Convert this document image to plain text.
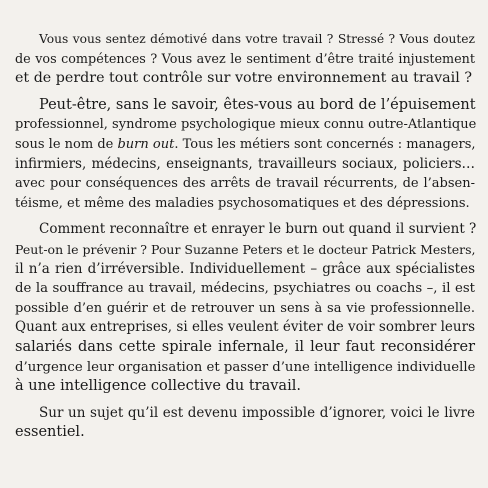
Vous vous sentez démotivé dans votre travail ? Stressé ? Vous doutez
de vos compétences ? Vous avez le sentiment d’être traité injustement
et de perdre tout contrôle sur votre environnement au travail ?
Peut-être, sans le savoir, êtes-vous au bord de l’épuisement
professionnel, syndrome psychologique mieux connu outre-Atlantique
sous le nom de burn out. Tous les métiers sont concernés : managers,
infirmiers, médecins, enseignants, travailleurs sociaux, policiers…
avec pour conséquences des arrêts de travail récurrents, de l’absen-
téisme, et même des maladies psychosomatiques et des dépressions.
Comment reconnaître et enrayer le burn out quand il survient ?
Peut-on le prévenir ? Pour Suzanne Peters et le docteur Patrick Mesters,
il n’a rien d’irréversible. Individuellement – grâce aux spécialistes
de la souffrance au travail, médecins, psychiatres ou coachs –, il est
possible d’en guérir et de retrouver un sens à sa vie professionnelle.
Quant aux entreprises, si elles veulent éviter de voir sombrer leurs
salariés dans cette spirale infernale, il leur faut reconsidérer
d’urgence leur organisation et passer d’une intelligence individuelle
à une intelligence collective du travail.
Sur un sujet qu’il est devenu impossible d’ignorer, voici le livre
essentiel.
